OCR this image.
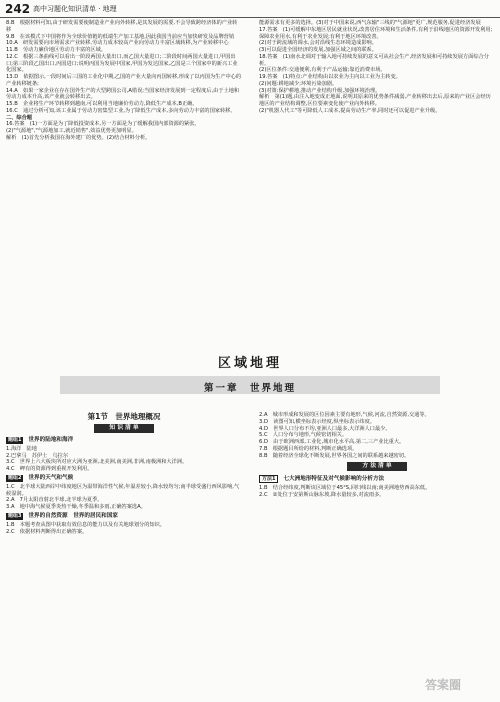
242 高中习题化知识清单 · 地理

8.B　根据材料可知,由于研发需要使制造业产业向外转移,是其发展的需要,不会导致跨经济体的产业转移

9.B　在该模式下中国将作为全球价值链的低端生产加工基地,因此我国当前应当加快研发及品牌营销

10.A　研发需要向市场需求产业转移,劳动力成本较高产业向劳动力丰富区域转移,为产业转移中心

11.B　劳动力廉价地区劳动力丰富的区域。

12.C　根据三条曲线可以看出一阶段两国大量出口,而乙国大量进口;二阶段时间两国大量进口,甲国出口;第三阶段乙国出口,丙国进口;说明丙国为发展中国家,甲国为发达国家,乙国是三个国家中的新兴工业化国家。

13.D　依据图示,一段时间后三国的工业化中期,乙国的产业大量向丙国转移,形成了以丙国为生产中心的产业转移链条;

14.A　如果一家企业在存在国外生产的大型跨国公司,A错误;当国家经济发展到一定程度后,由于土地和劳动力成本升高,该产业就会转移出去。

15.B　企业将生产环节转移到越南,可以利用当地廉价劳动力,降低生产成本,B正确。

16.C　通过分析可知,该工业属于劳动力密集型工业,为了降低生产成本,多向劳动力丰富的国家转移。

二、综合题

16.答案　(1)一方面是为了降低投资成本,另一方面是为了缓解我国内部资源的紧张。

(2)"气源地","气源地加工,就近销售",效益优势更加明显。

解析　(1)首先分析我国在海外建厂的优势。(2)结合材料分析。

能源需求有更多的选择。(3)对于中国来说,西气东输"三线的"气源地"更广,规范服务,促进经济发展

17.答案　(1)可缓解中东地区居民就业状况,改善居住环境和生活条件,有利于沿线地区的资源开发利用;保障农业用水,有利于农业发展;有利于地区环境改善。

(2)对于跨流域的调水,会对沿线生态环境造成影响。

(3)可以促进全国经济的发展,加强区域之间的联系。

18.答案　(1)南水北调对于输入地可持续发展的意义可从社会生产,经济发展和可持续发展方面综合分析。

(2)区位条件:交通便利,有利于产品运输;靠近消费市场。

19.答案　(1)特点:产业结构由以农业为主向以工业为主转变。

(2)问题:耕地减少;环境污染加剧。

(3)对策:保护耕地,推动产业结构升级,加强环境治理。

解析　第(1)题,由注入地变成正地面,说明其原来的优势条件减弱,产业转移出去后,原来的产业区会经历地区的产业结构调整,区位要素变化使产业向外转移。

(2)"机器人代工"等可降低人工成本,提高劳动生产率,同时还可以促进产业升级。

区域地理
第一章　世界地理
第1节　世界地理概况
知 识 清 单
题组1 世界的陆地和海洋

1.海洋　陆地

2.巴拿马　苏伊士　乌拉尔

3.C　世界上六大板块所对应大洲为亚洲,北美洲,南美洲,非洲,南极洲和大洋洲。

4.C　岬有的资源得到重视开发利用。

题组2 世界的天气和气候

1.C　北半球大陆西岸中纬度地区为温带海洋性气候,年温差较小,降水较均匀;南半球受盛行西风影响,气候湿润。

2.A　7月太阳直射北半球,北半球为夏季。

3.A　地中海气候夏季炎热干燥,冬季温和多雨,正确答案选A。

题组3 世界的自然资源　世界的居民和国家

1.B　本题考查从图中获取有效信息的能力以及有关地球划分的知识。

2.C　依据材料判断得出正确答案。

2.A　城市形成和发展的区位因素主要有地形,气候,河流,自然资源,交通等。

3.D　读图可知,横坐标表示经度,纵坐标表示纬度。

4.D　世界人口分布不均,亚洲人口最多,大洋洲人口最少。

5.C　人口分布与地形,气候密切相关。

6.D　由于欧洲西部,工业化,城市化水平高,第二,三产业比重大。

7.B　根据题目所给的材料,判断正确选项。

8.B　随着经济全球化不断发展,世界各国之间的联系越来越密切。

方 法 清 单
方法1 七大洲地形特征及对气候影响的分析方法

1.B　结合经纬度,判断该区域位于45°S,回归线以南;南美洲地势西高东低。

2.C　②处位于安第斯山脉东坡,降水量较多,对流雨多。

答案圈
